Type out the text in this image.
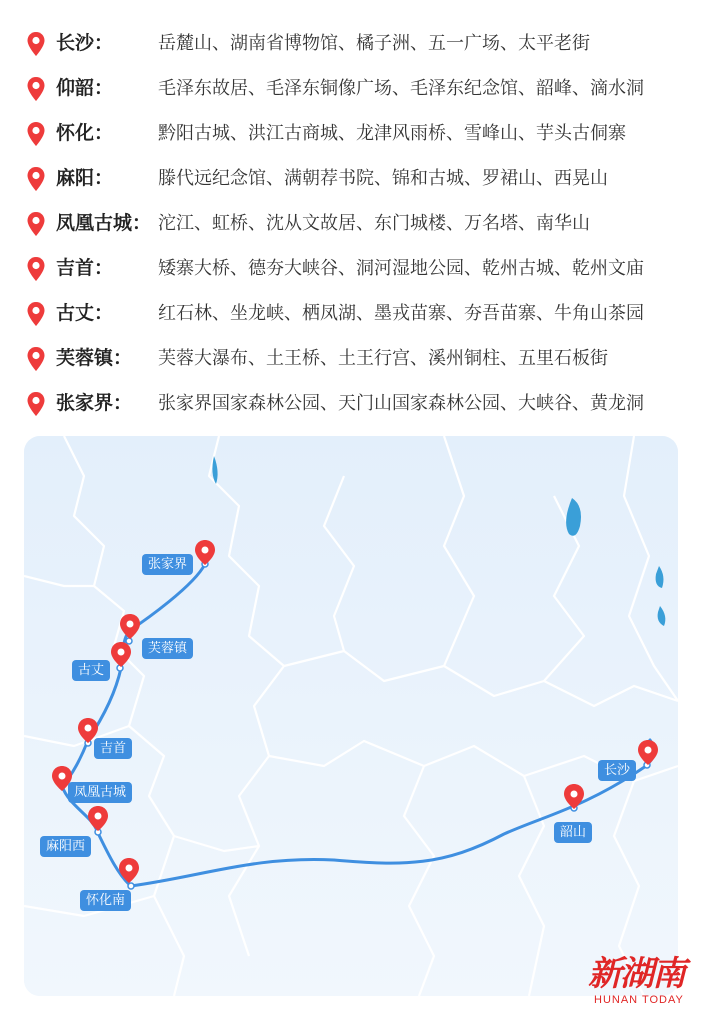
长沙： 岳麓山、湖南省博物馆、橘子洲、五一广场、太平老街
仰韶： 毛泽东故居、毛泽东铜像广场、毛泽东纪念馆、韶峰、滴水洞
怀化： 黔阳古城、洪江古商城、龙津风雨桥、雪峰山、芋头古侗寨
麻阳： 滕代远纪念馆、满朝荐书院、锦和古城、罗裙山、西晃山
凤凰古城： 沱江、虹桥、沈从文故居、东门城楼、万名塔、南华山
吉首： 矮寨大桥、德夯大峡谷、洞河湿地公园、乾州古城、乾州文庙
古丈： 红石林、坐龙峡、栖凤湖、墨戎苗寨、夯吾苗寨、牛角山茶园
芙蓉镇： 芙蓉大瀑布、土王桥、土王行宫、溪州铜柱、五里石板街
张家界： 张家界国家森林公园、天门山国家森林公园、大峡谷、黄龙洞
张家界
芙蓉镇
古丈
吉首
凤凰古城
麻阳西
怀化南
韶山
长沙
新湖南
HUNAN TODAY
